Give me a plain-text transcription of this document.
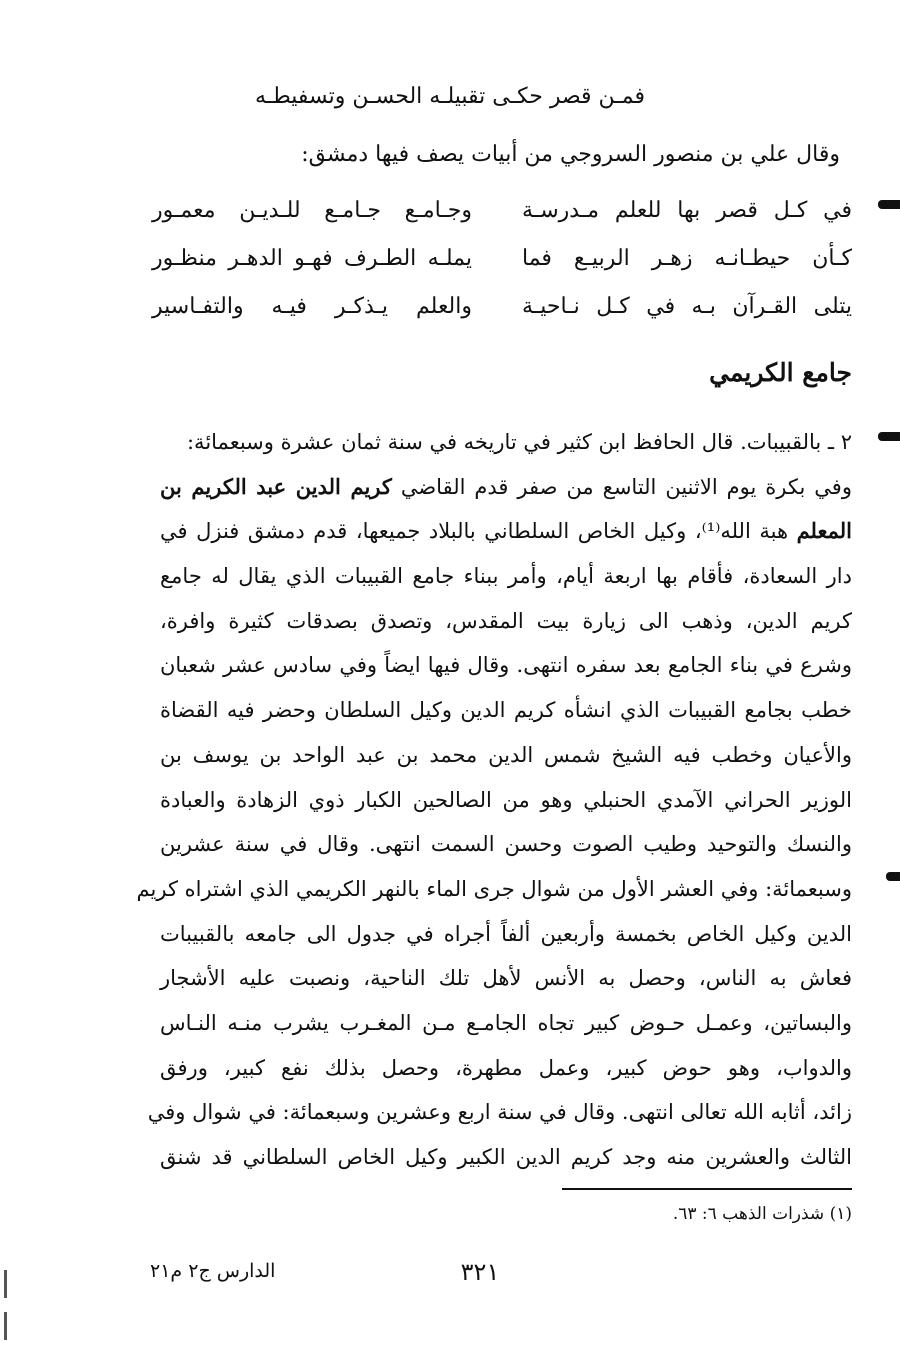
فمـن قصر حكـى تقبيلـه الحسـن وتسفيطـه
وقال علي بن منصور السروجي من أبيات يصف فيها دمشق:
في كـل قصر بها للعلم مـدرسـة
وجـامـع جـامـع للـديـن معمـور
كـأن حيطـانـه زهـر الربيـع فما
يملـه الطـرف فهـو الدهـر منظـور
يتلى القـرآن بـه في كـل نـاحيـة
والعلم يـذكـر فيـه والتفـاسير
جامع الكريمي
٢ ـ بالقبيبات. قال الحافظ ابن كثير في تاريخه في سنة ثمان عشرة وسبعمائة:
وفي بكرة يوم الاثنين التاسع من صفر قدم القاضي كريم الدين عبد الكريم بن
المعلم هبة الله⁽¹⁾، وكيل الخاص السلطاني بالبلاد جميعها، قدم دمشق فنزل في
دار السعادة، فأقام بها اربعة أيام، وأمر ببناء جامع القبيبات الذي يقال له جامع
كريم الدين، وذهب الى زيارة بيت المقدس، وتصدق بصدقات كثيرة وافرة،
وشرع في بناء الجامع بعد سفره انتهى. وقال فيها ايضاً وفي سادس عشر شعبان
خطب بجامع القبيبات الذي انشأه كريم الدين وكيل السلطان وحضر فيه القضاة
والأعيان وخطب فيه الشيخ شمس الدين محمد بن عبد الواحد بن يوسف بن
الوزير الحراني الآمدي الحنبلي وهو من الصالحين الكبار ذوي الزهادة والعبادة
والنسك والتوحيد وطيب الصوت وحسن السمت انتهى. وقال في سنة عشرين
وسبعمائة: وفي العشر الأول من شوال جرى الماء بالنهر الكريمي الذي اشتراه كريم
الدين وكيل الخاص بخمسة وأربعين ألفاً أجراه في جدول الى جامعه بالقبيبات
فعاش به الناس، وحصل به الأنس لأهل تلك الناحية، ونصبت عليه الأشجار
والبساتين، وعمـل حـوض كبير تجاه الجامـع مـن المغـرب يشرب منـه النـاس
والدواب، وهو حوض كبير، وعمل مطهرة، وحصل بذلك نفع كبير، ورفق
زائد، أثابه الله تعالى انتهى. وقال في سنة اربع وعشرين وسبعمائة: في شوال وفي
الثالث والعشرين منه وجد كريم الدين الكبير وكيل الخاص السلطاني قد شنق
(١) شذرات الذهب ٦: ٦٣.
٣٢١
الدارس ج٢ م٢١
